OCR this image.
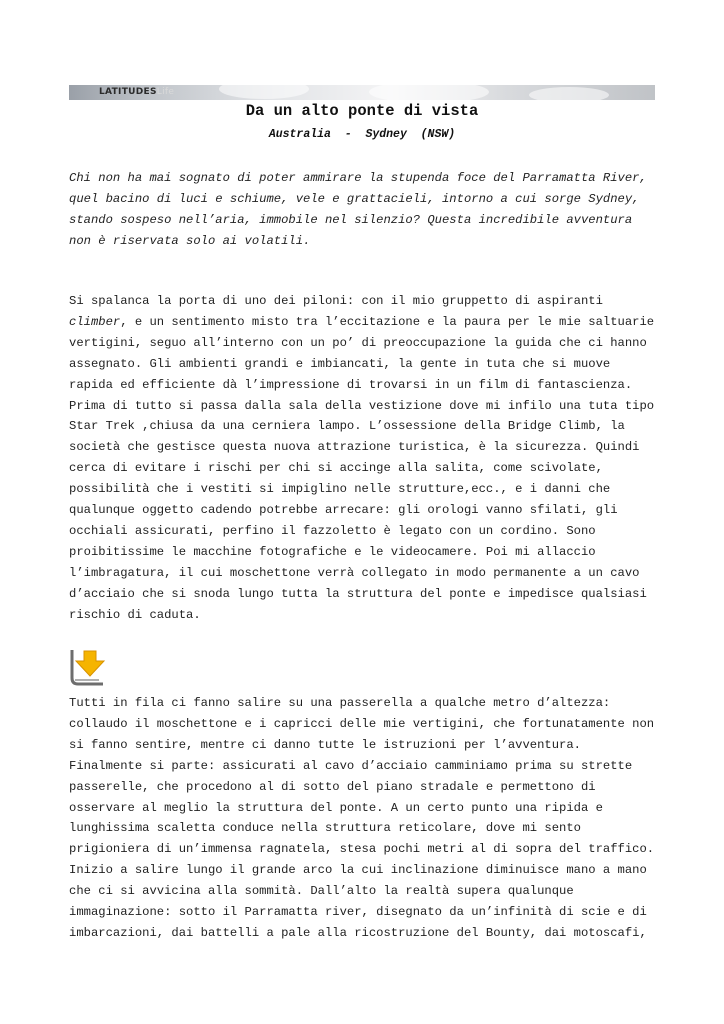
LATITUDESLife
Da un alto ponte di vista
Australia  -  Sydney  (NSW)
Chi non ha mai sognato di poter ammirare la stupenda foce del Parramatta River,
quel bacino di luci e schiume, vele e grattacieli, intorno a cui sorge Sydney,
stando sospeso nell’aria, immobile nel silenzio? Questa incredibile avventura
non è riservata solo ai volatili.
Si spalanca la porta di uno dei piloni: con il mio gruppetto di aspiranti
climber, e un sentimento misto tra l’eccitazione e la paura per le mie saltuarie
vertigini, seguo all’interno con un po’ di preoccupazione la guida che ci hanno
assegnato. Gli ambienti grandi e imbiancati, la gente in tuta che si muove
rapida ed efficiente dà l’impressione di trovarsi in un film di fantascienza.
Prima di tutto si passa dalla sala della vestizione dove mi infilo una tuta tipo
Star Trek ,chiusa da una cerniera lampo. L’ossessione della Bridge Climb, la
società che gestisce questa nuova attrazione turistica, è la sicurezza. Quindi
cerca di evitare i rischi per chi si accinge alla salita, come scivolate,
possibilità che i vestiti si impiglino nelle strutture,ecc., e i danni che
qualunque oggetto cadendo potrebbe arrecare: gli orologi vanno sfilati, gli
occhiali assicurati, perfino il fazzoletto è legato con un cordino. Sono
proibitissime le macchine fotografiche e le videocamere. Poi mi allaccio
l’imbragatura, il cui moschettone verrà collegato in modo permanente a un cavo
d’acciaio che si snoda lungo tutta la struttura del ponte e impedisce qualsiasi
rischio di caduta.
Tutti in fila ci fanno salire su una passerella a qualche metro d’altezza:
collaudo il moschettone e i capricci delle mie vertigini, che fortunatamente non
si fanno sentire, mentre ci danno tutte le istruzioni per l’avventura.
Finalmente si parte: assicurati al cavo d’acciaio camminiamo prima su strette
passerelle, che procedono al di sotto del piano stradale e permettono di
osservare al meglio la struttura del ponte. A un certo punto una ripida e
lunghissima scaletta conduce nella struttura reticolare, dove mi sento
prigioniera di un’immensa ragnatela, stesa pochi metri al di sopra del traffico.
Inizio a salire lungo il grande arco la cui inclinazione diminuisce mano a mano
che ci si avvicina alla sommità. Dall’alto la realtà supera qualunque
immaginazione: sotto il Parramatta river, disegnato da un’infinità di scie e di
imbarcazioni, dai battelli a pale alla ricostruzione del Bounty, dai motoscafi,
